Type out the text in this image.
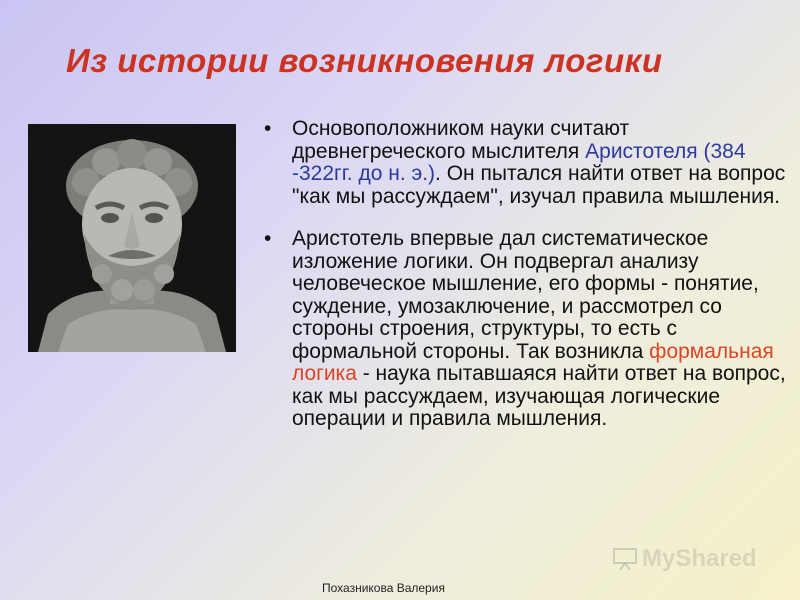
Из истории возникновения логики
• Основоположником науки считают древнегреческого мыслителя Аристотеля (384 -322гг. до н. э.). Он пытался найти ответ на вопрос "как мы рассуждаем", изучал правила мышления.
• Аристотель впервые дал систематическое изложение логики. Он подвергал анализу человеческое мышление, его формы - понятие, суждение, умозаключение, и рассмотрел со стороны строения, структуры, то есть с формальной стороны. Так возникла формальная логика - наука пытавшаяся найти ответ на вопрос, как мы рассуждаем, изучающая логические операции и правила мышления.
Похазникова Валерия
MyShared
